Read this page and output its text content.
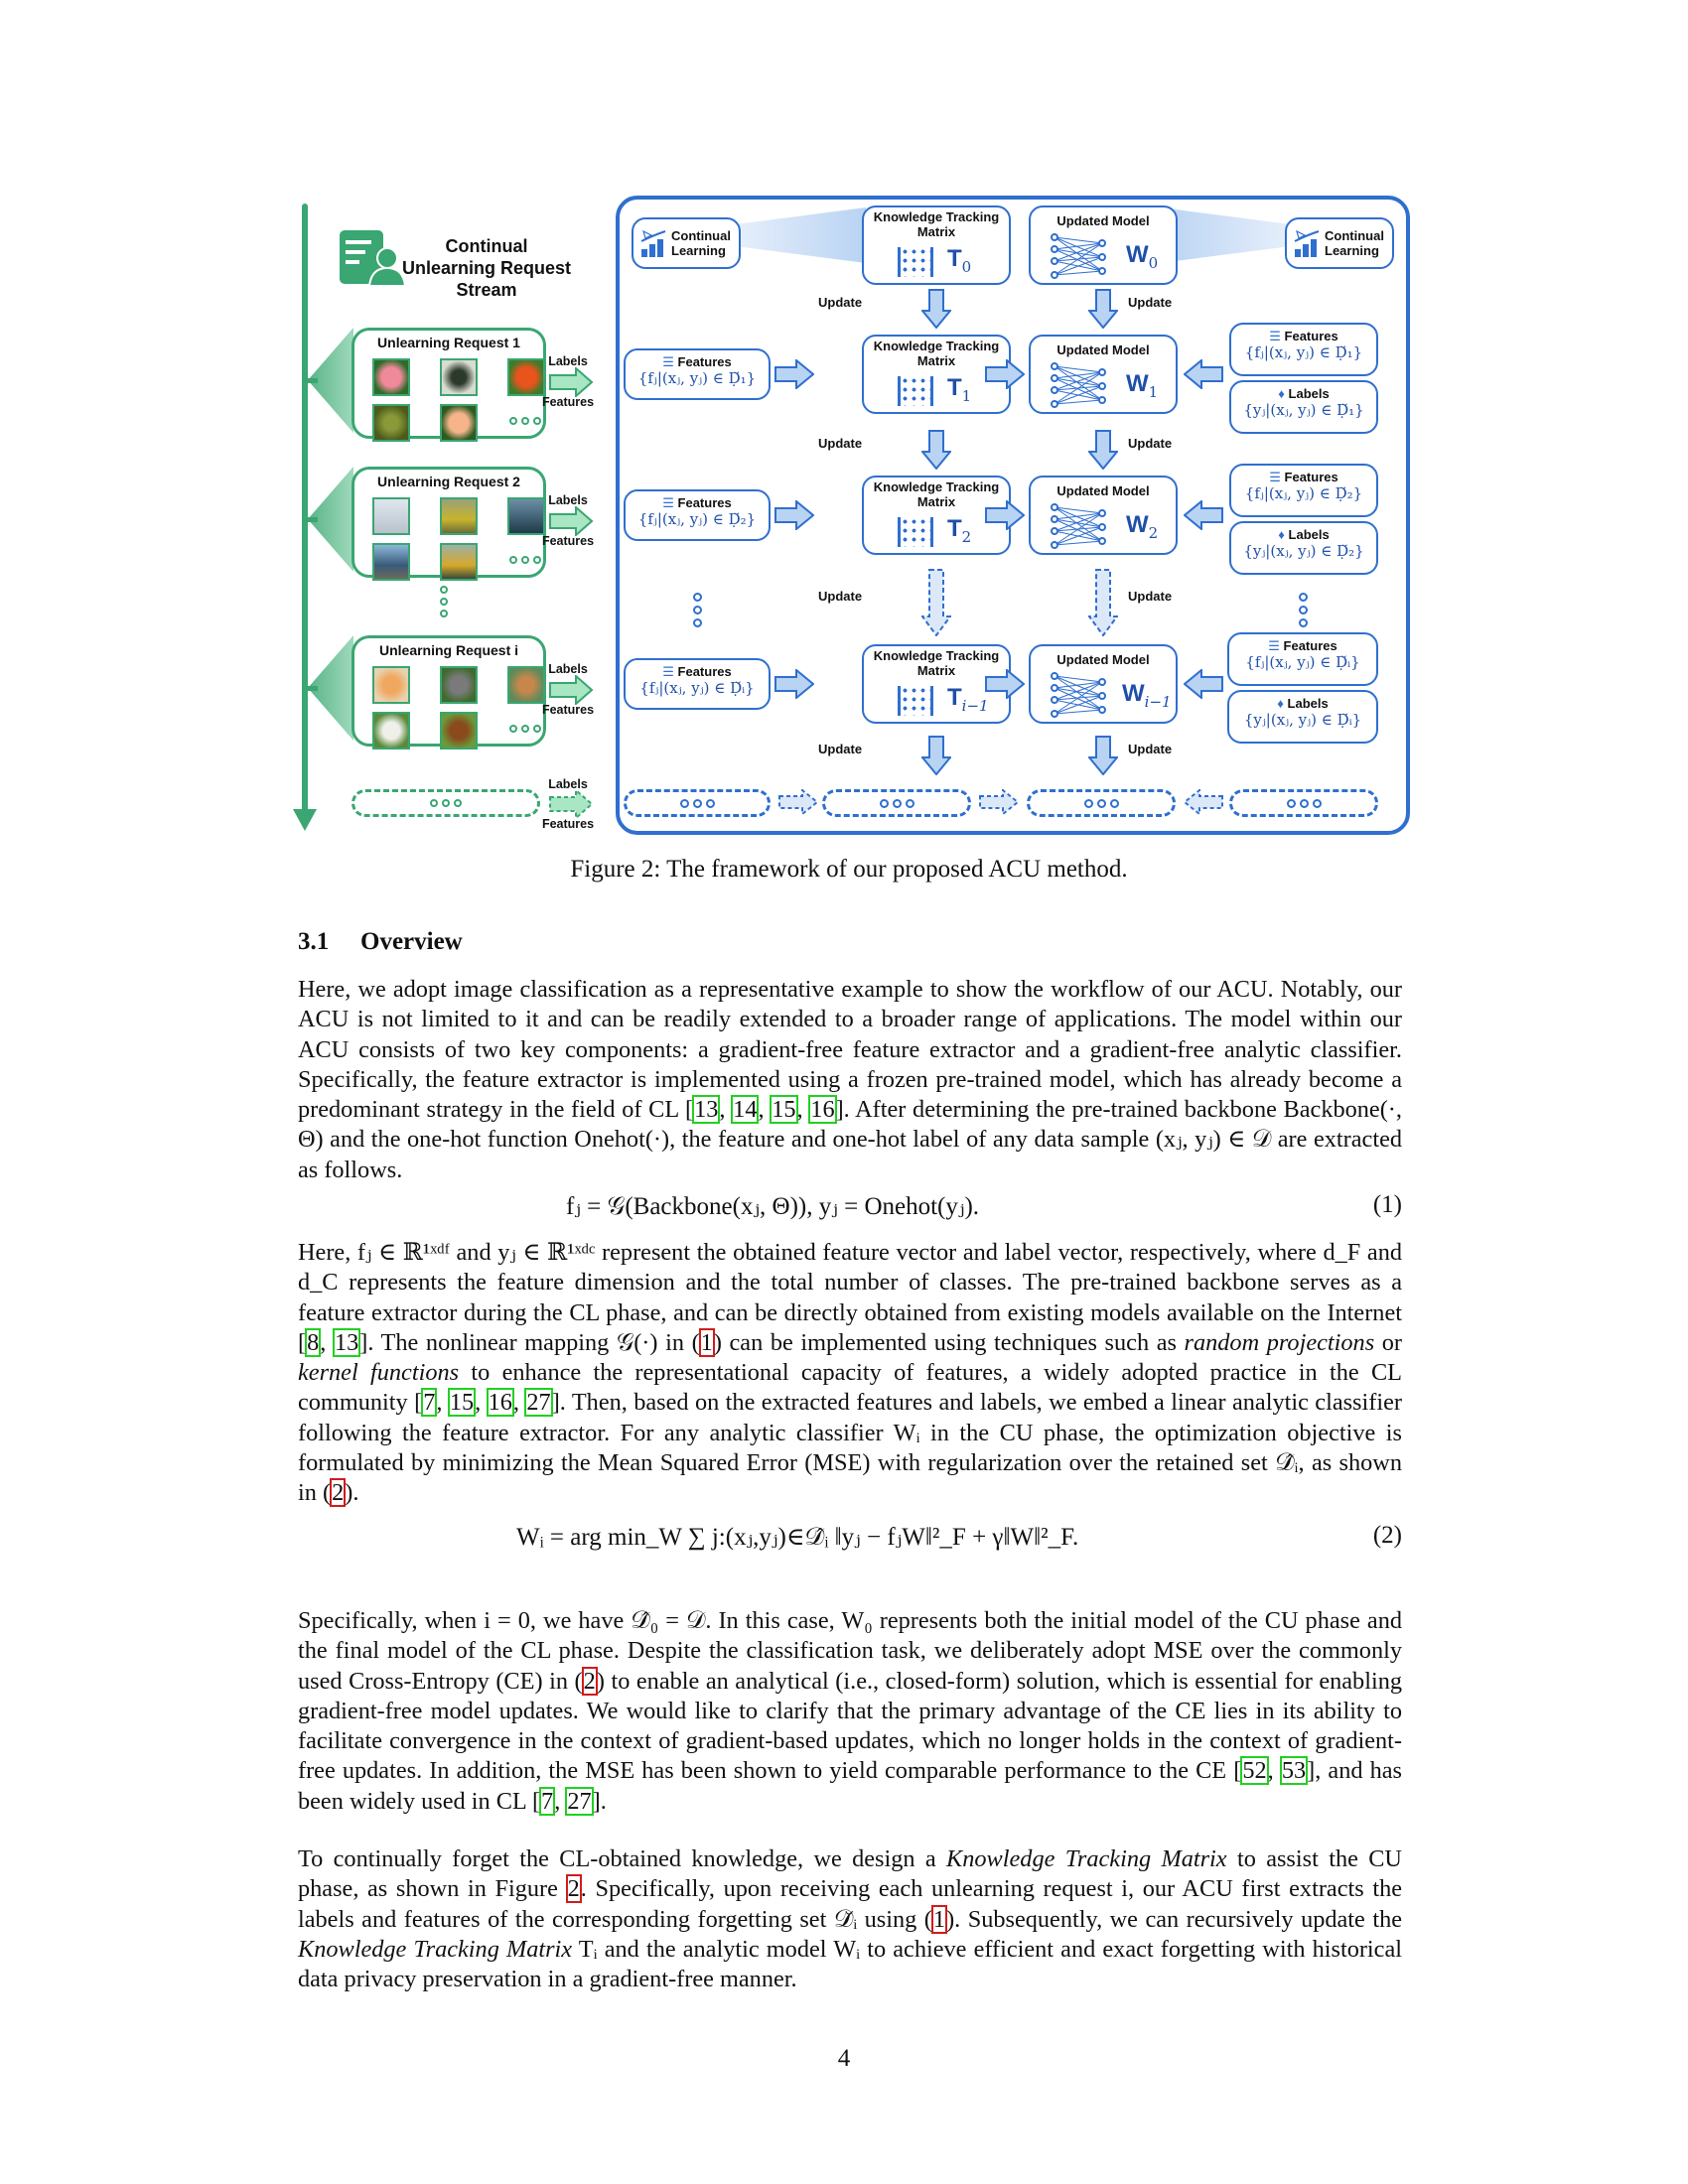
Continual Unlearning Request Stream
Unlearning Request 1
Unlearning Request 2
Unlearning Request i
Labels
Features
Labels
Features
Labels
Features
Labels
Features
Continual Learning
Continual Learning
Knowledge Tracking Matrix
$T_0$
Updated Model
$W_0$
Update	Update
☰ Features
{fⱼ|(xⱼ, yⱼ) ∈ Ḍ̆₁}
Knowledge Tracking Matrix
$T_1$
Updated Model
$W_1$
☰ Features
{fⱼ|(xⱼ, yⱼ) ∈ Ḍ̆₁}
♦ Labels
{yⱼ|(xⱼ, yⱼ) ∈ Ḍ̆₁}
Update	Update
☰ Features
{fⱼ|(xⱼ, yⱼ) ∈ Ḍ̆₂}
Knowledge Tracking Matrix
$T_2$
Updated Model
$W_2$
☰ Features
{fⱼ|(xⱼ, yⱼ) ∈ Ḍ̆₂}
♦ Labels
{yⱼ|(xⱼ, yⱼ) ∈ Ḍ̆₂}
Update	Update
☰ Features
{fⱼ|(xⱼ, yⱼ) ∈ Ḍ̆ᵢ}
Knowledge Tracking Matrix
$T_{i-1}$
Updated Model
$W_{i-1}$
☰ Features
{fⱼ|(xⱼ, yⱼ) ∈ Ḍ̆ᵢ}
♦ Labels
{yⱼ|(xⱼ, yⱼ) ∈ Ḍ̆ᵢ}
Update	Update
Figure 2: The framework of our proposed ACU method.
3.1 Overview

Here, we adopt image classification as a representative example to show the workflow of our ACU. Notably, our ACU is not limited to it and can be readily extended to a broader range of applications. The model within our ACU consists of two key components: a gradient-free feature extractor and a gradient-free analytic classifier. Specifically, the feature extractor is implemented using a frozen pre-trained model, which has already become a predominant strategy in the field of CL [13, 14, 15, 16]. After determining the pre-trained backbone Backbone(·, Θ) and the one-hot function Onehot(·), the feature and one-hot label of any data sample (xⱼ, yⱼ) ∈ 𝒟 are extracted as follows.

fⱼ = 𝒢(Backbone(xⱼ, Θ)), yⱼ = Onehot(yⱼ).	(1)

Here, fⱼ ∈ ℝ¹ˣᵈᶠ and yⱼ ∈ ℝ¹ˣᵈᶜ represent the obtained feature vector and label vector, respectively, where d_F and d_C represents the feature dimension and the total number of classes. The pre-trained backbone serves as a feature extractor during the CL phase, and can be directly obtained from existing models available on the Internet [8, 13]. The nonlinear mapping 𝒢(·) in (1) can be implemented using techniques such as random projections or kernel functions to enhance the representational capacity of features, a widely adopted practice in the CL community [7, 15, 16, 27]. Then, based on the extracted features and labels, we embed a linear analytic classifier following the feature extractor. For any analytic classifier Wᵢ in the CU phase, the optimization objective is formulated by minimizing the Mean Squared Error (MSE) with regularization over the retained set 𝒟̂ᵢ, as shown in (2).

Wᵢ = arg min_W ∑ j:(xⱼ,yⱼ)∈𝒟̂ᵢ ‖yⱼ − fⱼW‖²_F + γ‖W‖²_F.	(2)

Specifically, when i = 0, we have 𝒟̂₀ = 𝒟. In this case, W₀ represents both the initial model of the CU phase and the final model of the CL phase. Despite the classification task, we deliberately adopt MSE over the commonly used Cross-Entropy (CE) in (2) to enable an analytical (i.e., closed-form) solution, which is essential for enabling gradient-free model updates. We would like to clarify that the primary advantage of the CE lies in its ability to facilitate convergence in the context of gradient-based updates, which no longer holds in the context of gradient-free updates. In addition, the MSE has been shown to yield comparable performance to the CE [52, 53], and has been widely used in CL [7, 27].

To continually forget the CL-obtained knowledge, we design a Knowledge Tracking Matrix to assist the CU phase, as shown in Figure 2. Specifically, upon receiving each unlearning request i, our ACU first extracts the labels and features of the corresponding forgetting set 𝒟̆ᵢ using (1). Subsequently, we can recursively update the Knowledge Tracking Matrix Tᵢ and the analytic model Wᵢ to achieve efficient and exact forgetting with historical data privacy preservation in a gradient-free manner.

4
